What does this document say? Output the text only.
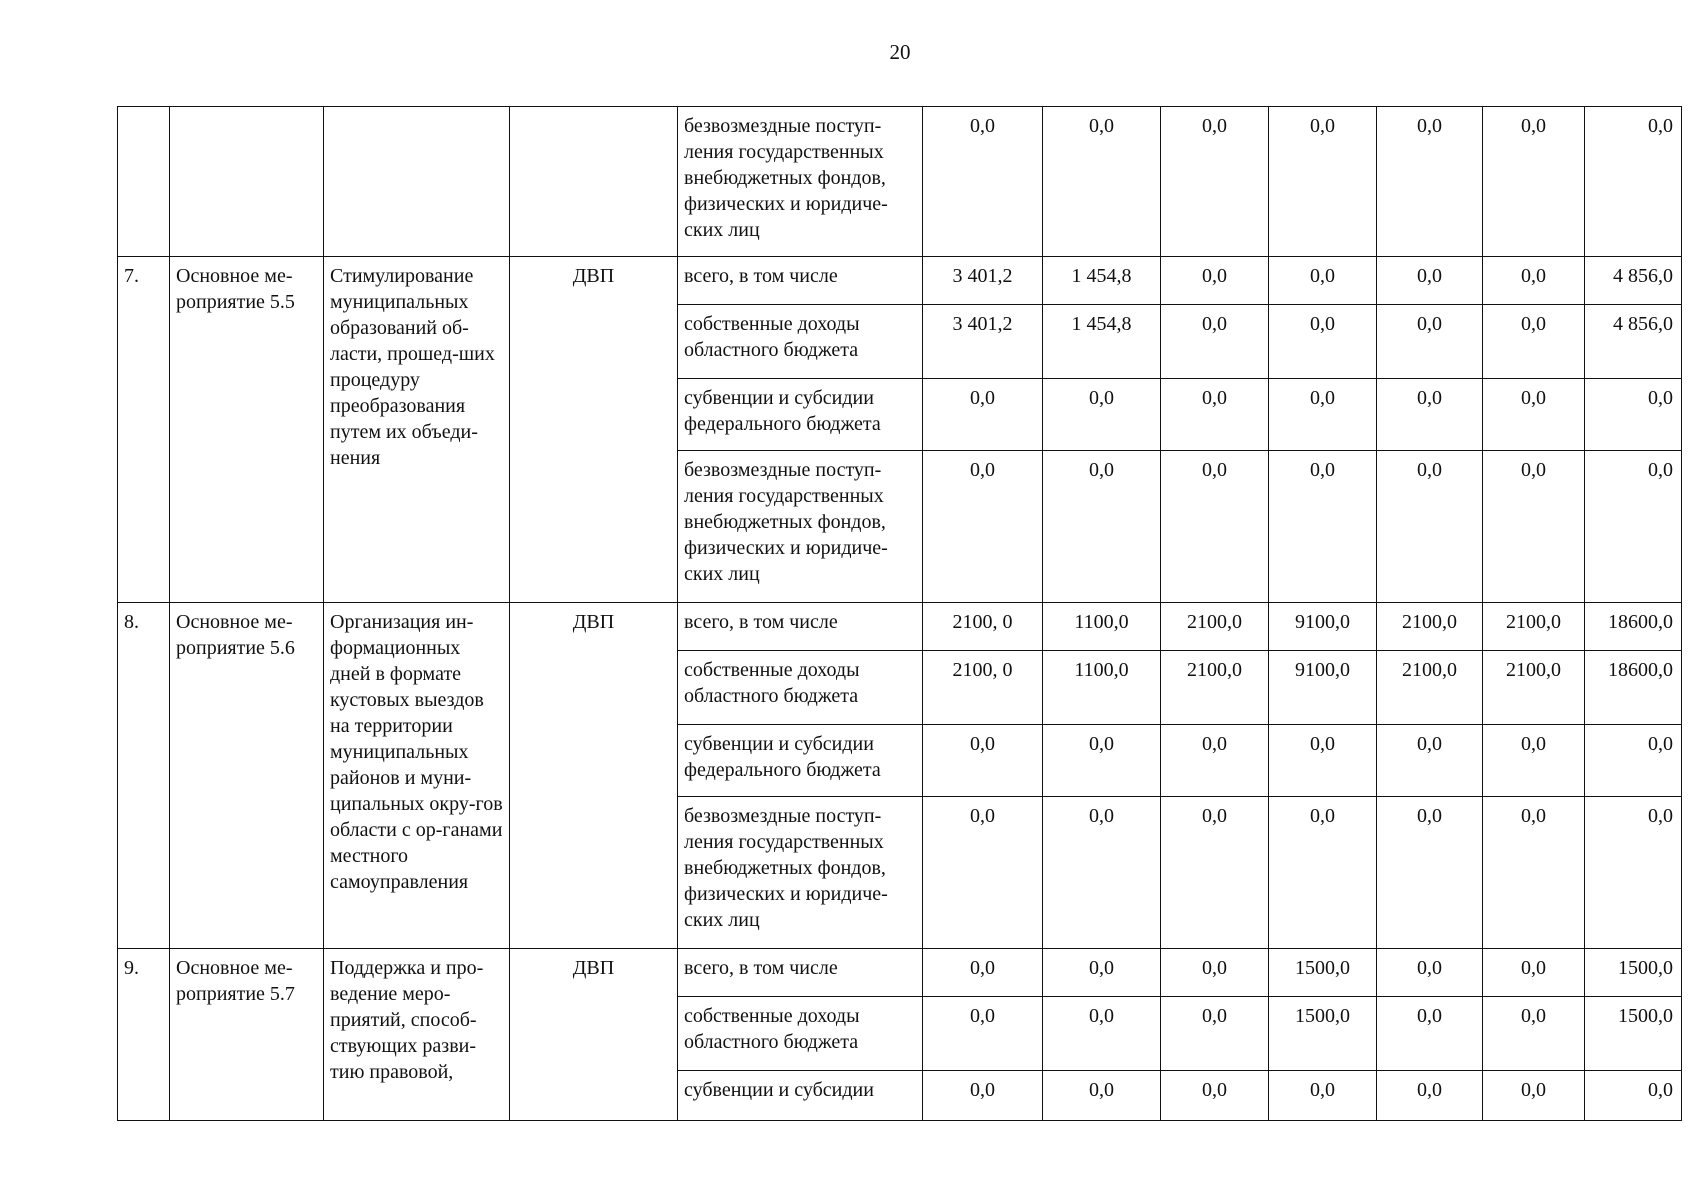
20
				безвозмездные поступ-ления государственных внебюджетных фондов, физических и юридиче-ских лиц	0,0	0,0	0,0	0,0	0,0	0,0	0,0
7.	Основное ме-роприятие 5.5	Стимулирование муниципальных образований об-ласти, прошед-ших процедуру преобразования путем их объеди-нения	ДВП	всего, в том числе	3 401,2	1 454,8	0,0	0,0	0,0	0,0	4 856,0
				собственные доходы областного бюджета	3 401,2	1 454,8	0,0	0,0	0,0	0,0	4 856,0
				субвенции и субсидии федерального бюджета	0,0	0,0	0,0	0,0	0,0	0,0	0,0
				безвозмездные поступ-ления государственных внебюджетных фондов, физических и юридиче-ских лиц	0,0	0,0	0,0	0,0	0,0	0,0	0,0
8.	Основное ме-роприятие 5.6	Организация ин-формационных дней в формате кустовых выездов на территории муниципальных районов и муни-ципальных окру-гов области с ор-ганами местного самоуправления	ДВП	всего, в том числе	2100, 0	1100,0	2100,0	9100,0	2100,0	2100,0	18600,0
				собственные доходы областного бюджета	2100, 0	1100,0	2100,0	9100,0	2100,0	2100,0	18600,0
				субвенции и субсидии федерального бюджета	0,0	0,0	0,0	0,0	0,0	0,0	0,0
				безвозмездные поступ-ления государственных внебюджетных фондов, физических и юридиче-ских лиц	0,0	0,0	0,0	0,0	0,0	0,0	0,0
9.	Основное ме-роприятие 5.7	Поддержка и про-ведение меро-приятий, способ-ствующих разви-тию правовой,	ДВП	всего, в том числе	0,0	0,0	0,0	1500,0	0,0	0,0	1500,0
				собственные доходы областного бюджета	0,0	0,0	0,0	1500,0	0,0	0,0	1500,0
				субвенции и субсидии	0,0	0,0	0,0	0,0	0,0	0,0	0,0
